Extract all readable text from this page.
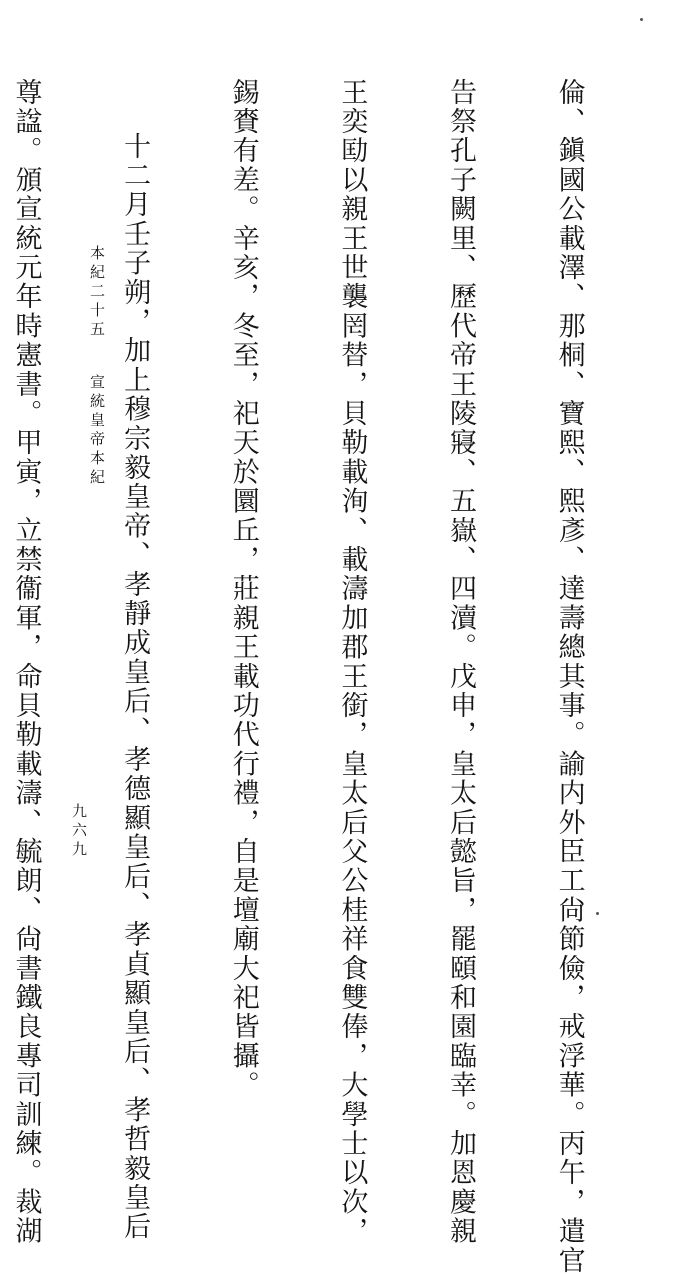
倫、鎭國公載澤、那桐、寶熙、熙彥、達壽總其事。諭内外臣工尙節儉，戒浮華。丙午，遣官

告祭孔子闕里、歷代帝王陵寢、五嶽、四瀆。戊申，皇太后懿旨，罷頤和園臨幸。加恩慶親

王奕劻以親王世襲罔替，貝勒載洵、載濤加郡王銜，皇太后父公桂祥食雙俸，大學士以次，

錫賚有差。辛亥，冬至，祀天於圜丘，莊親王載功代行禮，自是壇廟大祀皆攝。

十二月壬子朔，加上穆宗毅皇帝、孝靜成皇后、孝德顯皇后、孝貞顯皇后、孝哲毅皇后

尊諡。頒宣統元年時憲書。甲寅，立禁衞軍，命貝勒載濤、毓朗、尙書鐵良專司訓練。裁湖

	本紀二十五宣統皇帝本紀

九六九
